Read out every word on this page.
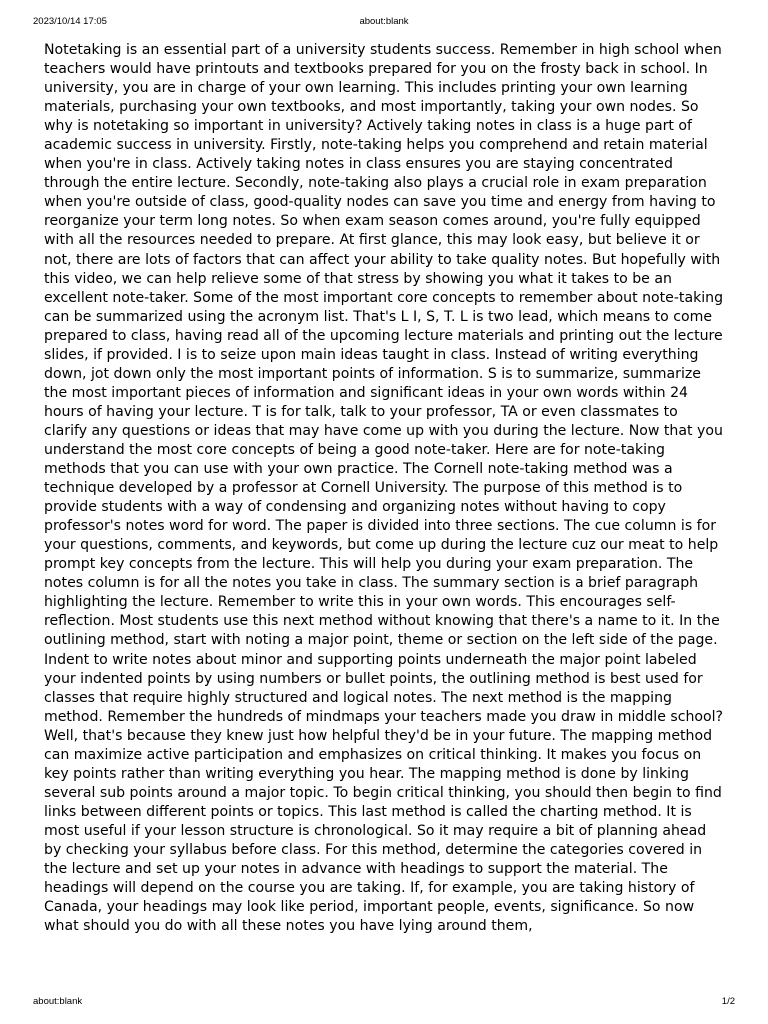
2023/10/14 17:05	about:blank

Notetaking is an essential part of a university students success. Remember in high school when teachers would have printouts and textbooks prepared for you on the frosty back in school. In university, you are in charge of your own learning. This includes printing your own learning materials, purchasing your own textbooks, and most importantly, taking your own nodes. So why is notetaking so important in university? Actively taking notes in class is a huge part of academic success in university. Firstly, note-taking helps you comprehend and retain material when you're in class. Actively taking notes in class ensures you are staying concentrated through the entire lecture. Secondly, note-taking also plays a crucial role in exam preparation when you're outside of class, good-quality nodes can save you time and energy from having to reorganize your term long notes. So when exam season comes around, you're fully equipped with all the resources needed to prepare. At first glance, this may look easy, but believe it or not, there are lots of factors that can affect your ability to take quality notes. But hopefully with this video, we can help relieve some of that stress by showing you what it takes to be an excellent note-taker. Some of the most important core concepts to remember about note-taking can be summarized using the acronym list. That's L I, S, T. L is two lead, which means to come prepared to class, having read all of the upcoming lecture materials and printing out the lecture slides, if provided. I is to seize upon main ideas taught in class. Instead of writing everything down, jot down only the most important points of information. S is to summarize, summarize the most important pieces of information and significant ideas in your own words within 24 hours of having your lecture. T is for talk, talk to your professor, TA or even classmates to clarify any questions or ideas that may have come up with you during the lecture. Now that you understand the most core concepts of being a good note-taker. Here are for note-taking methods that you can use with your own practice. The Cornell note-taking method was a technique developed by a professor at Cornell University. The purpose of this method is to provide students with a way of condensing and organizing notes without having to copy professor's notes word for word. The paper is divided into three sections. The cue column is for your questions, comments, and keywords, but come up during the lecture cuz our meat to help prompt key concepts from the lecture. This will help you during your exam preparation. The notes column is for all the notes you take in class. The summary section is a brief paragraph highlighting the lecture. Remember to write this in your own words. This encourages self-reflection. Most students use this next method without knowing that there's a name to it. In the outlining method, start with noting a major point, theme or section on the left side of the page. Indent to write notes about minor and supporting points underneath the major point labeled your indented points by using numbers or bullet points, the outlining method is best used for classes that require highly structured and logical notes. The next method is the mapping method. Remember the hundreds of mindmaps your teachers made you draw in middle school? Well, that's because they knew just how helpful they'd be in your future. The mapping method can maximize active participation and emphasizes on critical thinking. It makes you focus on key points rather than writing everything you hear. The mapping method is done by linking several sub points around a major topic. To begin critical thinking, you should then begin to find links between different points or topics. This last method is called the charting method. It is most useful if your lesson structure is chronological. So it may require a bit of planning ahead by checking your syllabus before class. For this method, determine the categories covered in the lecture and set up your notes in advance with headings to support the material. The headings will depend on the course you are taking. If, for example, you are taking history of Canada, your headings may look like period, important people, events, significance. So now what should you do with all these notes you have lying around them,

about:blank	1/2
